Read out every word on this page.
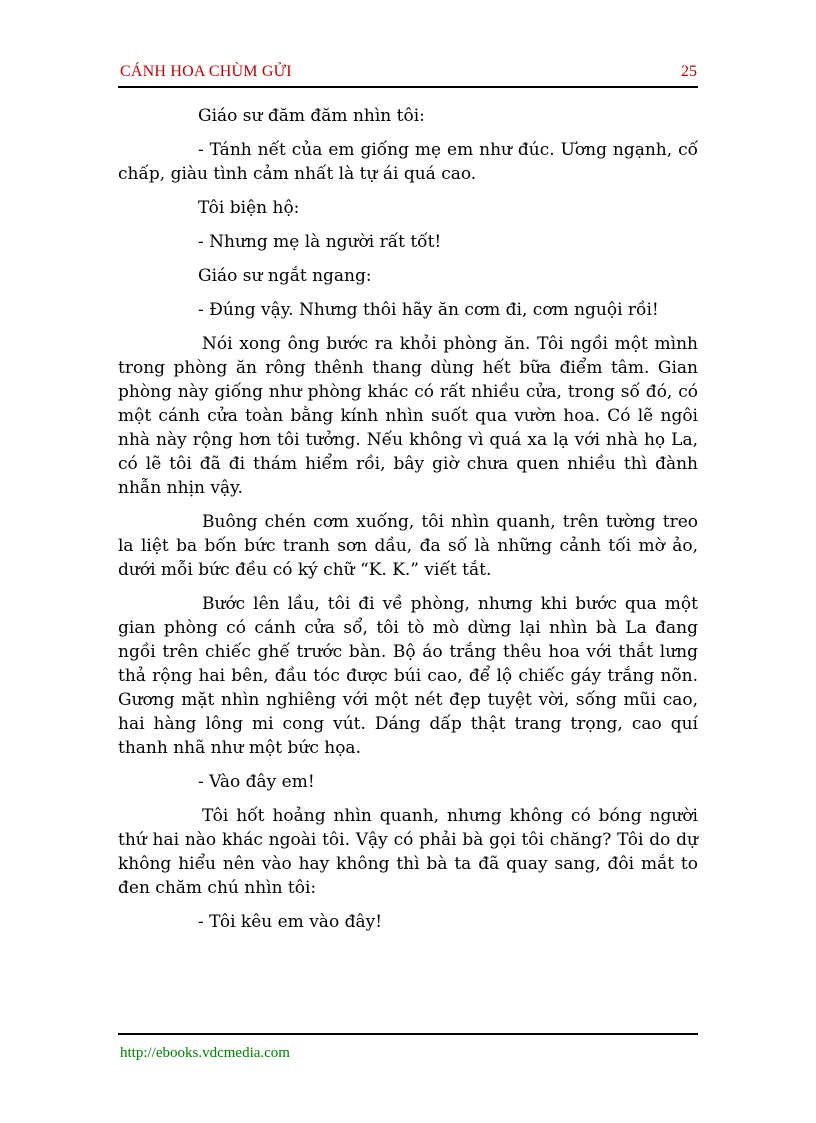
CÁNH HOA CHÙM GỬI	25

Giáo sư đăm đăm nhìn tôi:

- Tánh nết của em giống mẹ em như đúc. Ương ngạnh, cố chấp, giàu tình cảm nhất là tự ái quá cao.

Tôi biện hộ:

- Nhưng mẹ là người rất tốt!

Giáo sư ngắt ngang:

- Đúng vậy. Nhưng thôi hãy ăn cơm đi, cơm nguội rồi!

Nói xong ông bước ra khỏi phòng ăn. Tôi ngồi một mình trong phòng ăn rông thênh thang dùng hết bữa điểm tâm. Gian phòng này giống như phòng khác có rất nhiều cửa, trong số đó, có một cánh cửa toàn bằng kính nhìn suốt qua vườn hoa. Có lẽ ngôi nhà này rộng hơn tôi tưởng. Nếu không vì quá xa lạ với nhà họ La, có lẽ tôi đã đi thám hiểm rồi, bây giờ chưa quen nhiều thì đành nhẫn nhịn vậy.

Buông chén cơm xuống, tôi nhìn quanh, trên tường treo la liệt ba bốn bức tranh sơn dầu, đa số là những cảnh tối mờ ảo, dưới mỗi bức đều có ký chữ “K. K.” viết tắt.

Bước lên lầu, tôi đi về phòng, nhưng khi bước qua một gian phòng có cánh cửa sổ, tôi tò mò dừng lại nhìn bà La đang ngồi trên chiếc ghế trước bàn. Bộ áo trắng thêu hoa với thắt lưng thả rộng hai bên, đầu tóc được búi cao, để lộ chiếc gáy trắng nõn. Gương mặt nhìn nghiêng với một nét đẹp tuyệt vời, sống mũi cao, hai hàng lông mi cong vút. Dáng dấp thật trang trọng, cao quí thanh nhã như một bức họa.

- Vào đây em!

Tôi hốt hoảng nhìn quanh, nhưng không có bóng người thứ hai nào khác ngoài tôi. Vậy có phải bà gọi tôi chăng? Tôi do dự không hiểu nên vào hay không thì bà ta đã quay sang, đôi mắt to đen chăm chú nhìn tôi:

- Tôi kêu em vào đây!

http://ebooks.vdcmedia.com
